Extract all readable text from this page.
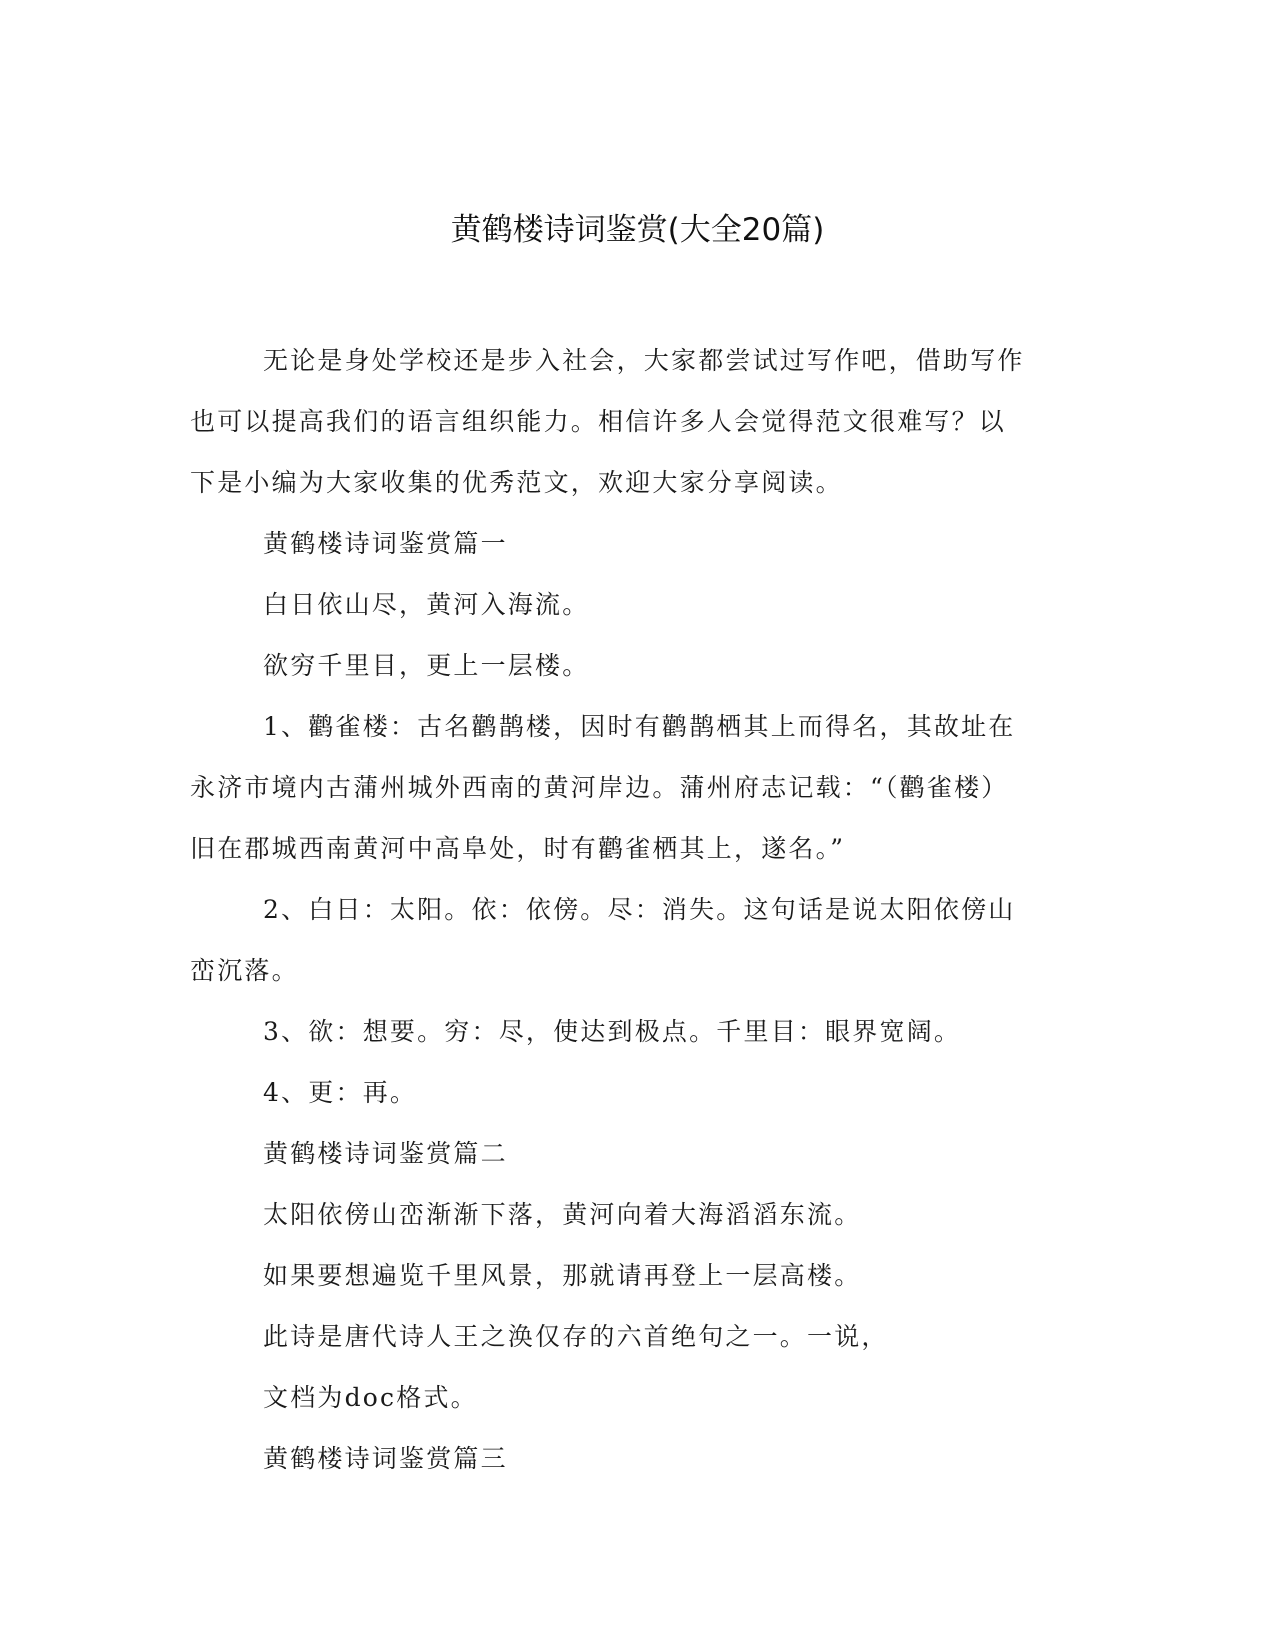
黄鹤楼诗词鉴赏(大全20篇)

无论是身处学校还是步入社会，大家都尝试过写作吧，借助写作

也可以提高我们的语言组织能力。相信许多人会觉得范文很难写？以

下是小编为大家收集的优秀范文，欢迎大家分享阅读。

黄鹤楼诗词鉴赏篇一

白日依山尽，黄河入海流。

欲穷千里目，更上一层楼。

1、鹳雀楼：古名鹳鹊楼，因时有鹳鹊栖其上而得名，其故址在

永济市境内古蒲州城外西南的黄河岸边。蒲州府志记载：“（鹳雀楼）

旧在郡城西南黄河中高阜处，时有鹳雀栖其上，遂名。”

2、白日：太阳。依：依傍。尽：消失。这句话是说太阳依傍山

峦沉落。

3、欲：想要。穷：尽，使达到极点。千里目：眼界宽阔。

4、更：再。

黄鹤楼诗词鉴赏篇二

太阳依傍山峦渐渐下落，黄河向着大海滔滔东流。

如果要想遍览千里风景，那就请再登上一层高楼。

此诗是唐代诗人王之涣仅存的六首绝句之一。一说，

文档为doc格式。

黄鹤楼诗词鉴赏篇三
